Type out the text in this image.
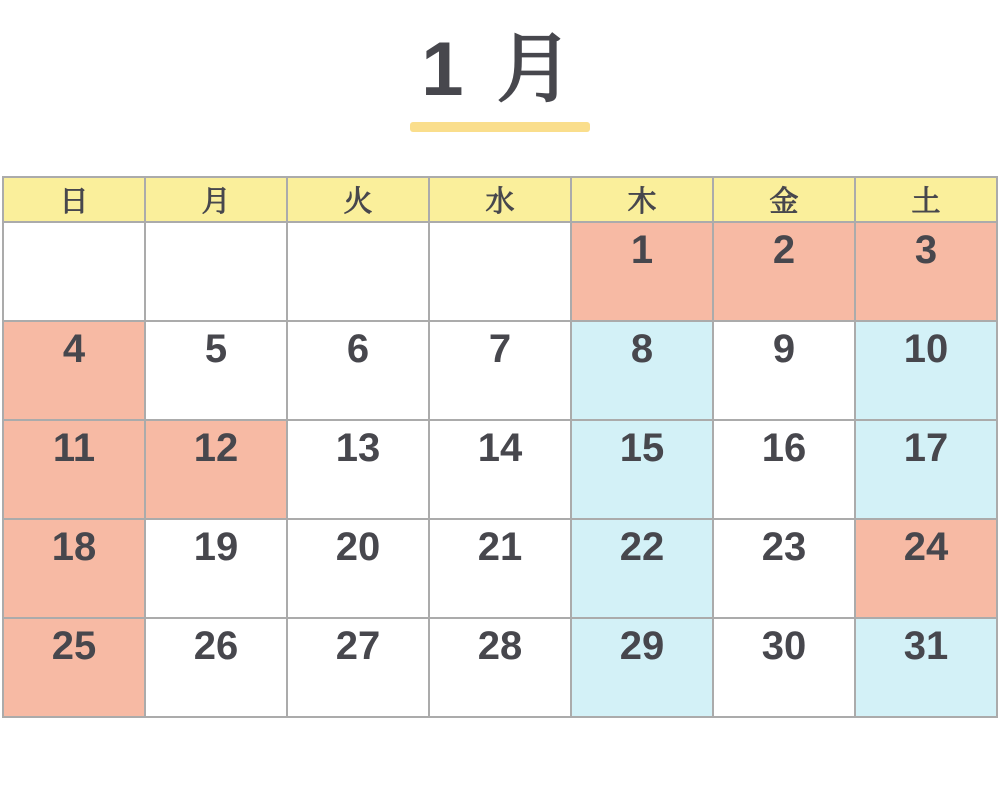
1 月
日	月	火	水	木	金	土
				1	2	3
4	5	6	7	8	9	10
11	12	13	14	15	16	17
18	19	20	21	22	23	24
25	26	27	28	29	30	31
